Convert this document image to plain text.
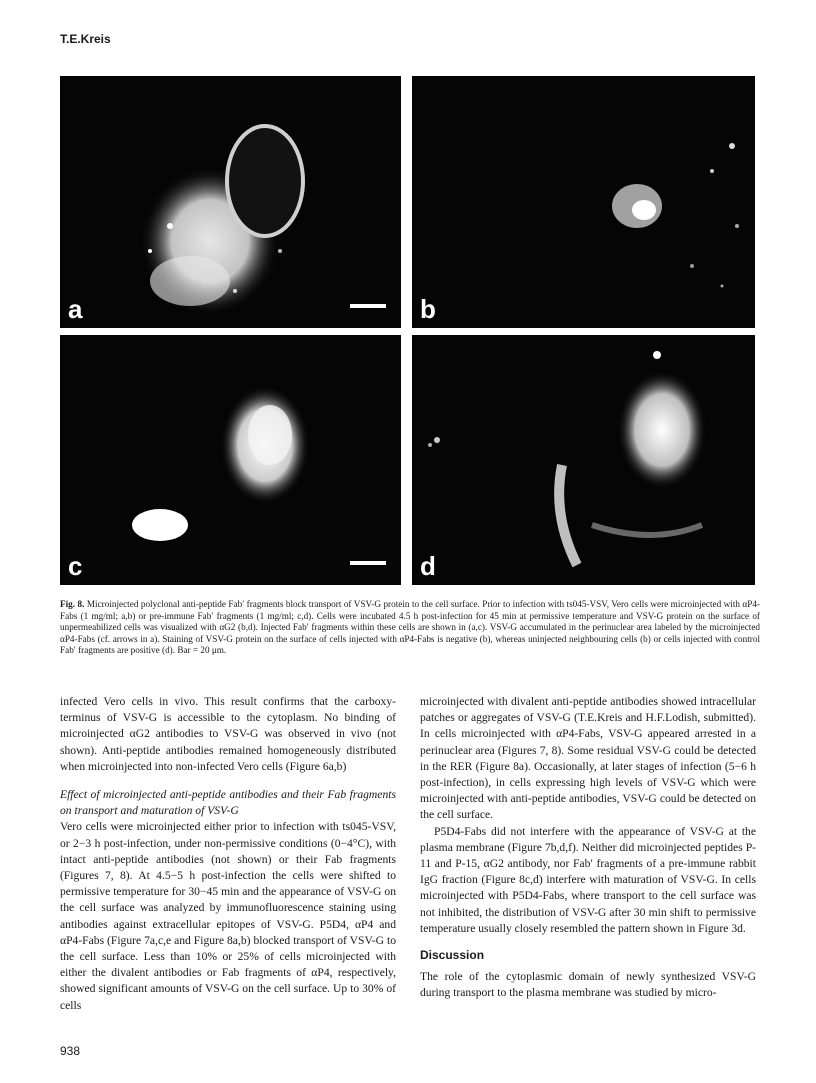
T.E.Kreis
a	b
c	d
Fig. 8. Microinjected polyclonal anti-peptide Fab′ fragments block transport of VSV-G protein to the cell surface. Prior to infection with ts045-VSV, Vero cells were microinjected with αP4-Fabs (1 mg/ml; a,b) or pre-immune Fab′ fragments (1 mg/ml; c,d). Cells were incubated 4.5 h post-infection for 45 min at permissive temperature and VSV-G protein on the surface of unpermeabilized cells was visualized with αG2 (b,d). Injected Fab′ fragments within these cells are shown in (a,c). VSV-G accumulated in the perinuclear area labeled by the microinjected αP4-Fabs (cf. arrows in a). Staining of VSV-G protein on the surface of cells injected with αP4-Fabs is negative (b), whereas uninjected neighbouring cells (b) or cells injected with control Fab′ fragments are positive (d). Bar = 20 μm.

infected Vero cells in vivo. This result confirms that the carboxy-terminus of VSV-G is accessible to the cytoplasm. No binding of microinjected αG2 antibodies to VSV-G was observed in vivo (not shown). Anti-peptide antibodies remained homogeneously distributed when microinjected into non-infected Vero cells (Figure 6a,b)

Effect of microinjected anti-peptide antibodies and their Fab fragments on transport and maturation of VSV-G

Vero cells were microinjected either prior to infection with ts045-VSV, or 2−3 h post-infection, under non-permissive conditions (0−4°C), with intact anti-peptide antibodies (not shown) or their Fab fragments (Figures 7, 8). At 4.5−5 h post-infection the cells were shifted to permissive temperature for 30−45 min and the appearance of VSV-G on the cell surface was analyzed by immunofluorescence staining using antibodies against extracellular epitopes of VSV-G. P5D4, αP4 and αP4-Fabs (Figure 7a,c,e and Figure 8a,b) blocked transport of VSV-G to the cell surface. Less than 10% or 25% of cells microinjected with either the divalent antibodies or Fab fragments of αP4, respectively, showed significant amounts of VSV-G on the cell surface. Up to 30% of cells

microinjected with divalent anti-peptide antibodies showed intracellular patches or aggregates of VSV-G (T.E.Kreis and H.F.Lodish, submitted). In cells microinjected with αP4-Fabs, VSV-G appeared arrested in a perinuclear area (Figures 7, 8). Some residual VSV-G could be detected in the RER (Figure 8a). Occasionally, at later stages of infection (5−6 h post-infection), in cells expressing high levels of VSV-G which were microinjected with anti-peptide antibodies, VSV-G could be detected on the cell surface.

P5D4-Fabs did not interfere with the appearance of VSV-G at the plasma membrane (Figure 7b,d,f). Neither did microinjected peptides P-11 and P-15, αG2 antibody, nor Fab′ fragments of a pre-immune rabbit IgG fraction (Figure 8c,d) interfere with maturation of VSV-G. In cells microinjected with P5D4-Fabs, where transport to the cell surface was not inhibited, the distribution of VSV-G after 30 min shift to permissive temperature usually closely resembled the pattern shown in Figure 3d.

Discussion

The role of the cytoplasmic domain of newly synthesized VSV-G during transport to the plasma membrane was studied by micro-

938
